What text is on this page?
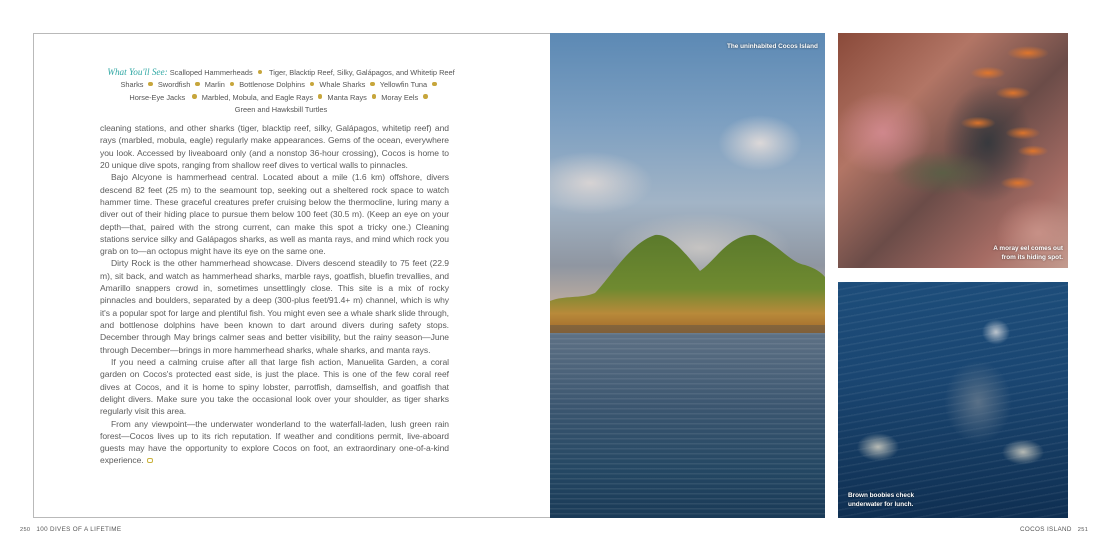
What You'll See: Scalloped Hammerheads Tiger, Blacktip Reef, Silky, Galápagos, and Whitetip Reef Sharks Swordfish Marlin Bottlenose Dolphins Whale Sharks Yellowfin TunaHorse-Eye Jacks Marbled, Mobula, and Eagle Rays Manta Rays Moray EelsGreen and Hawksbill Turtles

cleaning stations, and other sharks (tiger, blacktip reef, silky, Galápagos, whitetip reef) and rays (marbled, mobula, eagle) regularly make appearances. Gems of the ocean, everywhere you look. Accessed by liveaboard only (and a nonstop 36-hour crossing), Cocos is home to 20 unique dive spots, ranging from shallow reef dives to vertical walls to pinnacles.

Bajo Alcyone is hammerhead central. Located about a mile (1.6 km) offshore, divers descend 82 feet (25 m) to the seamount top, seeking out a sheltered rock space to watch hammer time. These graceful creatures prefer cruising below the thermocline, luring many a diver out of their hiding place to pursue them below 100 feet (30.5 m). (Keep an eye on your depth—that, paired with the strong current, can make this spot a tricky one.) Cleaning stations service silky and Galápagos sharks, as well as manta rays, and mind which rock you grab on to—an octopus might have its eye on the same one.

Dirty Rock is the other hammerhead showcase. Divers descend steadily to 75 feet (22.9 m), sit back, and watch as hammerhead sharks, marble rays, goatfish, bluefin trevallies, and Amarillo snappers crowd in, sometimes unsettlingly close. This site is a mix of rocky pinnacles and boulders, separated by a deep (300-plus feet/91.4+ m) channel, which is why it's a popular spot for large and plentiful fish. You might even see a whale shark slide through, and bottlenose dolphins have been known to dart around divers during safety stops. December through May brings calmer seas and better visibility, but the rainy season—June through December—brings in more hammerhead sharks, whale sharks, and manta rays.

If you need a calming cruise after all that large fish action, Manuelita Garden, a coral garden on Cocos's protected east side, is just the place. This is one of the few coral reef dives at Cocos, and it is home to spiny lobster, parrotfish, damselfish, and goatfish that delight divers. Make sure you take the occasional look over your shoulder, as tiger sharks regularly visit this area.

From any viewpoint—the underwater wonderland to the waterfall-laden, lush green rain forest—Cocos lives up to its rich reputation. If weather and conditions permit, live-aboard guests may have the opportunity to explore Cocos on foot, an extraordinary one-of-a-kind experience.

The uninhabited Cocos Island
A moray eel comes out
from its hiding spot.
Brown boobies check
underwater for lunch.
250 100 DIVES OF A LIFETIME	COCOS ISLAND 251
